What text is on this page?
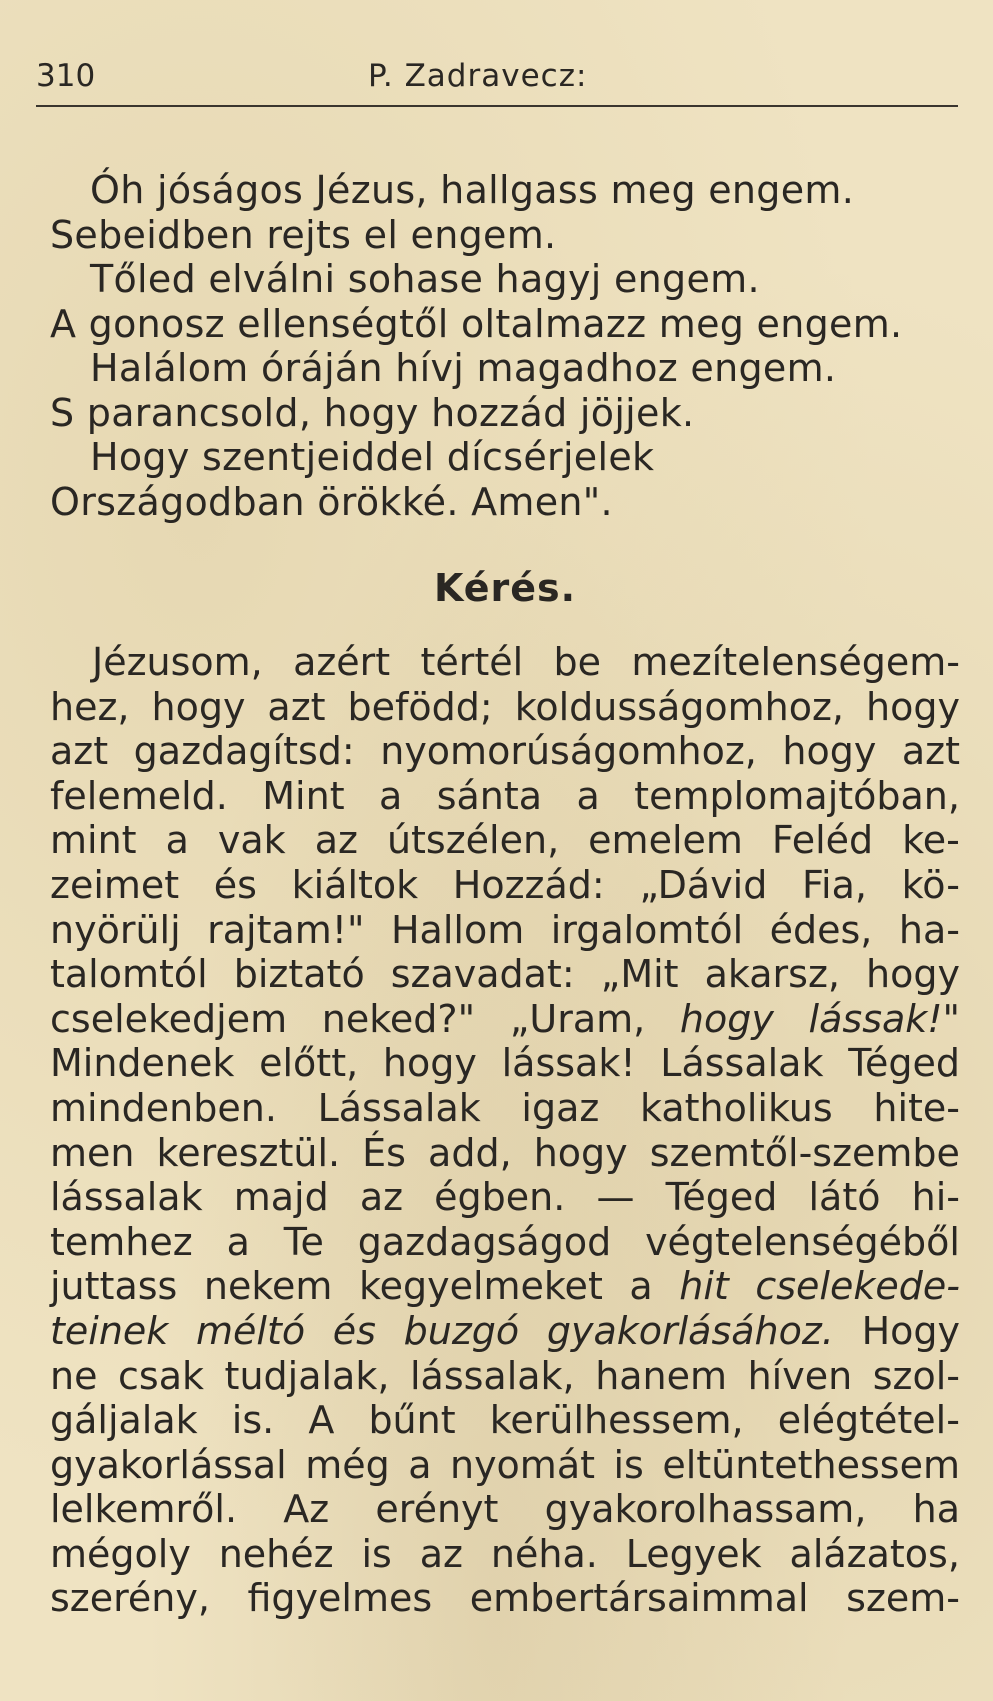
310	P. Zadravecz:
Óh jóságos Jézus, hallgass meg engem.
Sebeidben rejts el engem.
Tőled elválni sohase hagyj engem.
A gonosz ellenségtől oltalmazz meg engem.
Halálom óráján hívj magadhoz engem.
S parancsold, hogy hozzád jöjjek.
Hogy szentjeiddel dícsérjelek
Országodban örökké. Amen".
Kérés.
Jézusom, azért tértél be mezítelenségem-
hez, hogy azt befödd; koldusságomhoz, hogy
azt gazdagítsd: nyomorúságomhoz, hogy azt
felemeld. Mint a sánta a templomajtóban,
mint a vak az útszélen, emelem Feléd ke-
zeimet és kiáltok Hozzád: „Dávid Fia, kö-
nyörülj rajtam!" Hallom irgalomtól édes, ha-
talomtól biztató szavadat: „Mit akarsz, hogy
cselekedjem neked?" „Uram, hogy lássak!"
Mindenek előtt, hogy lássak! Lássalak Téged
mindenben. Lássalak igaz katholikus hite-
men keresztül. És add, hogy szemtől-szembe
lássalak majd az égben. — Téged látó hi-
temhez a Te gazdagságod végtelenségéből
juttass nekem kegyelmeket a hit cselekede-
teinek méltó és buzgó gyakorlásához. Hogy
ne csak tudjalak, lássalak, hanem híven szol-
gáljalak is. A bűnt kerülhessem, elégtétel-
gyakorlással még a nyomát is eltüntethessem
lelkemről. Az erényt gyakorolhassam, ha
mégoly nehéz is az néha. Legyek alázatos,
szerény, figyelmes embertársaimmal szem-
